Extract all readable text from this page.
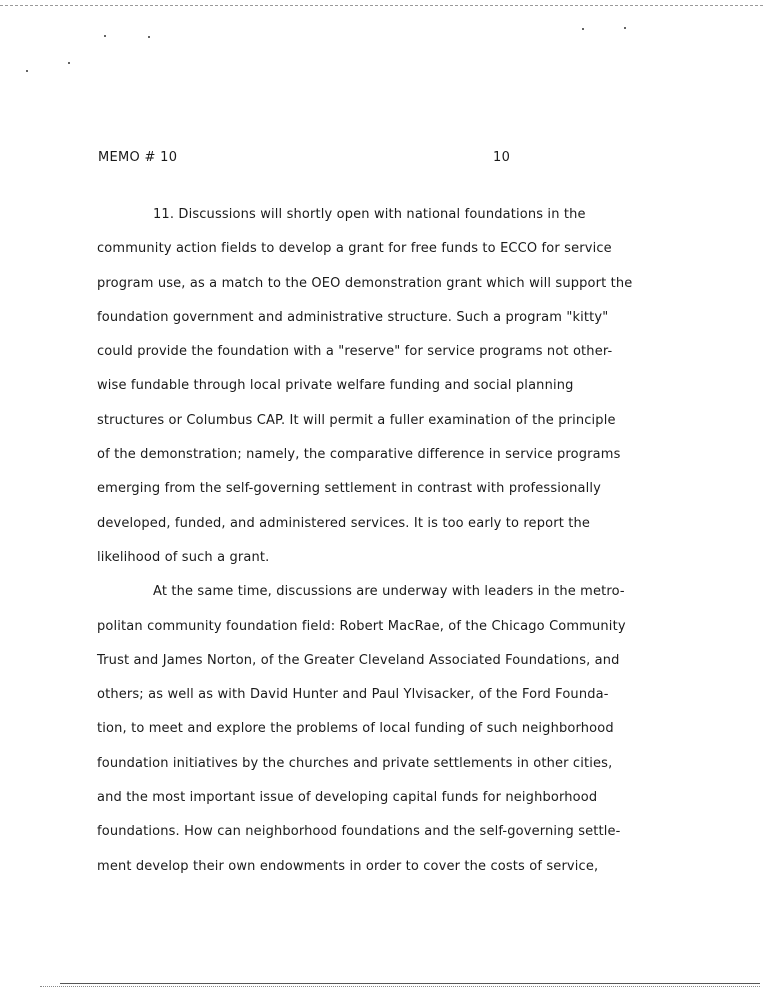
MEMO # 10	10
11. Discussions will shortly open with national foundations in the
community action fields to develop a grant for free funds to ECCO for service
program use, as a match to the OEO demonstration grant which will support the
foundation government and administrative structure. Such a program "kitty"
could provide the foundation with a "reserve" for service programs not other-
wise fundable through local private welfare funding and social planning
structures or Columbus CAP. It will permit a fuller examination of the principle
of the demonstration; namely, the comparative difference in service programs
emerging from the self-governing settlement in contrast with professionally
developed, funded, and administered services. It is too early to report the
likelihood of such a grant.
At the same time, discussions are underway with leaders in the metro-
politan community foundation field: Robert MacRae, of the Chicago Community
Trust and James Norton, of the Greater Cleveland Associated Foundations, and
others; as well as with David Hunter and Paul Ylvisacker, of the Ford Founda-
tion, to meet and explore the problems of local funding of such neighborhood
foundation initiatives by the churches and private settlements in other cities,
and the most important issue of developing capital funds for neighborhood
foundations. How can neighborhood foundations and the self-governing settle-
ment develop their own endowments in order to cover the costs of service,
